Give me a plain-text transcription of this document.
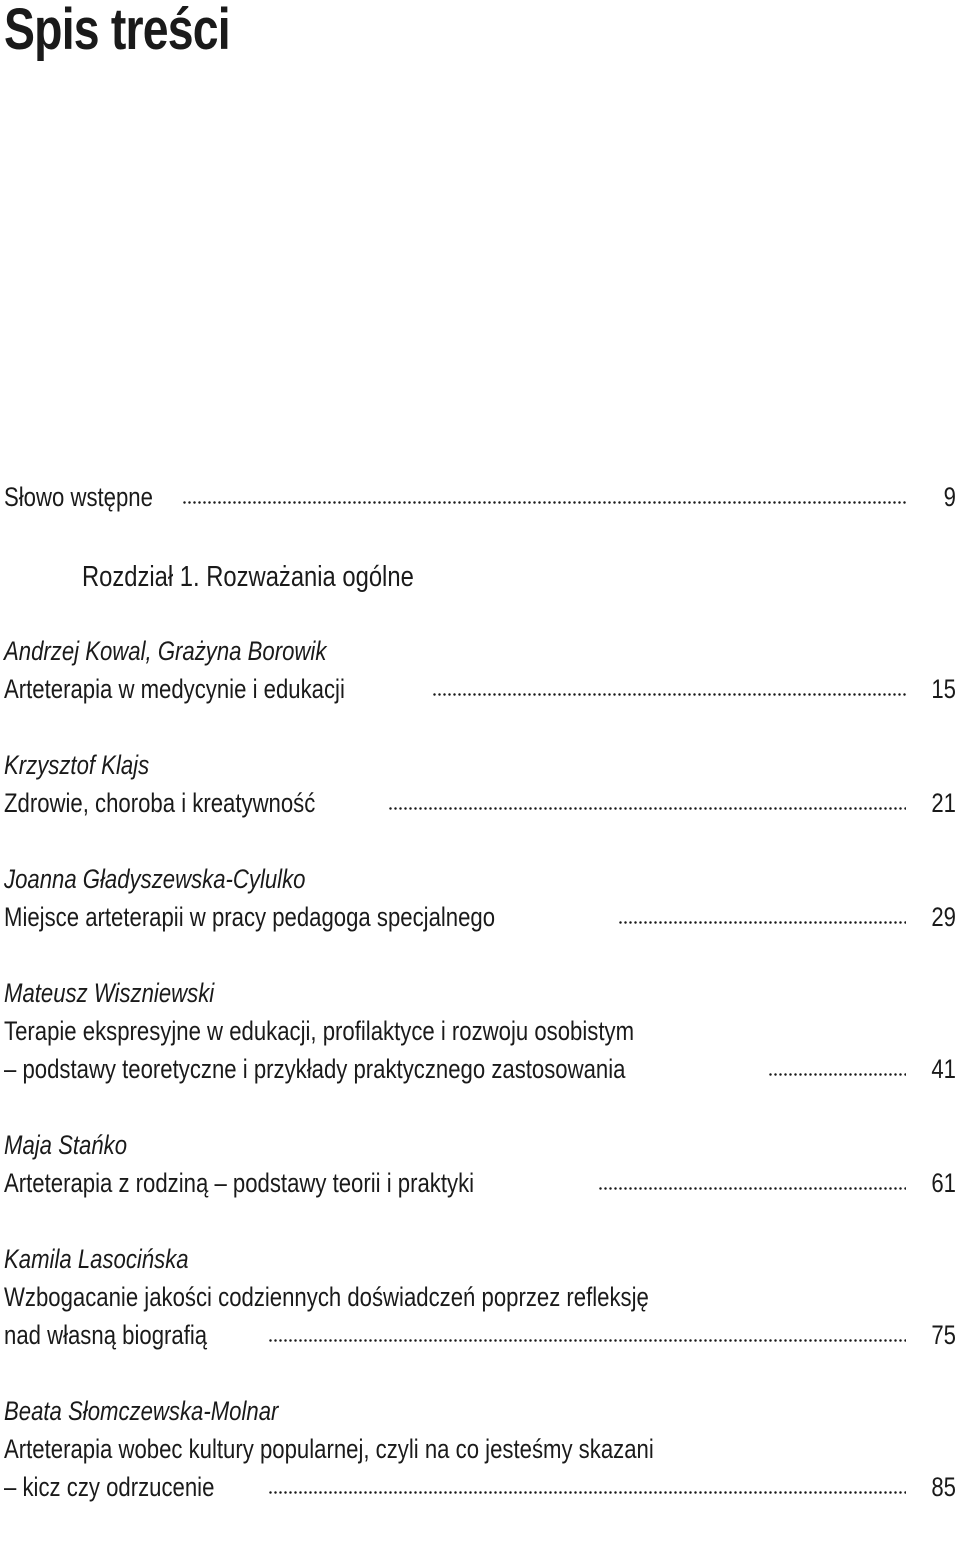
Spis treści
Słowo wstępne	9
Rozdział 1. Rozważania ogólne
Andrzej Kowal, Grażyna Borowik
Arteterapia w medycynie i edukacji	15
Krzysztof Klajs
Zdrowie, choroba i kreatywność	21
Joanna Gładyszewska-Cylulko
Miejsce arteterapii w pracy pedagoga specjalnego	29
Mateusz Wiszniewski
Terapie ekspresyjne w edukacji, profilaktyce i rozwoju osobistym
– podstawy teoretyczne i przykłady praktycznego zastosowania	41
Maja Stańko
Arteterapia z rodziną – podstawy teorii i praktyki	61
Kamila Lasocińska
Wzbogacanie jakości codziennych doświadczeń poprzez refleksję
nad własną biografią	75
Beata Słomczewska-Molnar
Arteterapia wobec kultury popularnej, czyli na co jesteśmy skazani
– kicz czy odrzucenie	85
